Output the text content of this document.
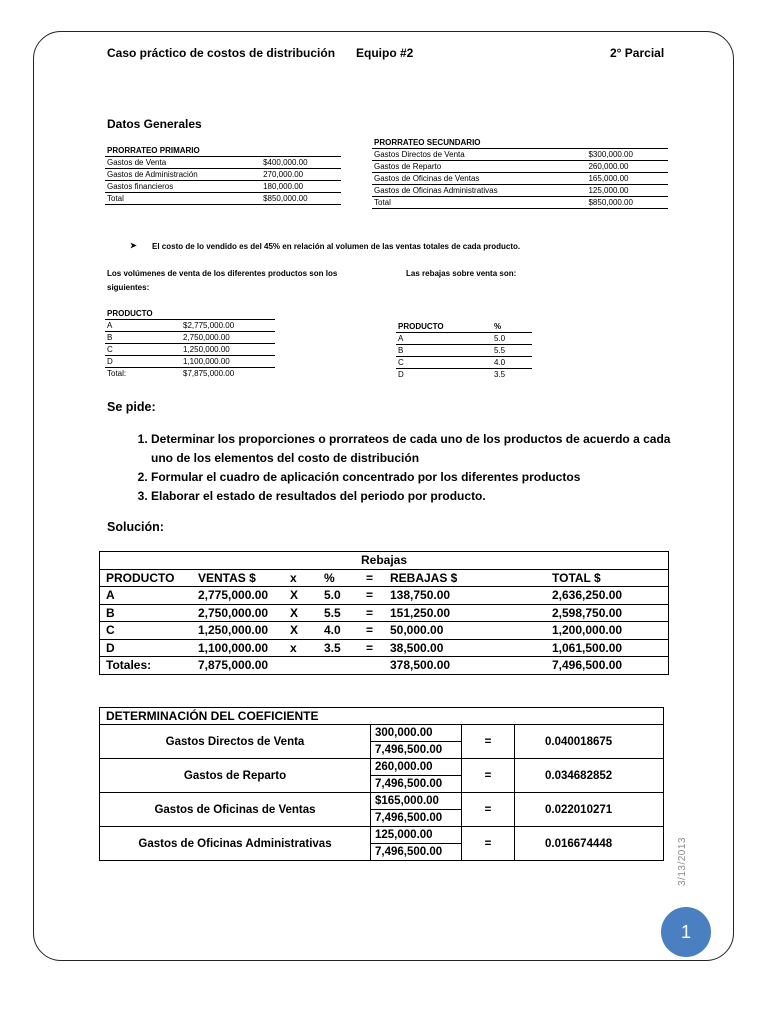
Caso práctico de costos de distribución Equipo #2	2° Parcial
Datos Generales
PRORRATEO PRIMARIO	
Gastos de Venta	$400,000.00
Gastos de Administración	270,000.00
Gastos financieros	180,000.00
Total	$850,000.00
PRORRATEO SECUNDARIO	
Gastos Directos de Venta	$300,000.00
Gastos de Reparto	260,000.00
Gastos de Oficinas de Ventas	165,000.00
Gastos de Oficinas Administrativas	125,000.00
Total	$850,000.00
➤ El costo de lo vendido es del 45% en relación al volumen de las ventas totales de cada producto.
Los volúmenes de venta de los diferentes productos son los
siguientes:
Las rebajas sobre venta son:
PRODUCTO	
A	$2,775,000.00
B	2,750,000.00
C	1,250,000.00
D	1,100,000.00
Total:	$7,875,000.00
PRODUCTO	%
A	5.0
B	5.5
C	4.0
D	3.5
Se pide:
1. Determinar los proporciones o prorrateos de cada uno de los productos de acuerdo a cada uno de los elementos del costo de distribución
2. Formular el cuadro de aplicación concentrado por los diferentes productos
3. Elaborar el estado de resultados del periodo por producto.
Solución:
Rebajas						
PRODUCTO	VENTAS $	x	%	=	REBAJAS $	TOTAL $
A	2,775,000.00	X	5.0	=	138,750.00	2,636,250.00
B	2,750,000.00	X	5.5	=	151,250.00	2,598,750.00
C	1,250,000.00	X	4.0	=	50,000.00	1,200,000.00
D	1,100,000.00	x	3.5	=	38,500.00	1,061,500.00
Totales:	7,875,000.00				378,500.00	7,496,500.00
DETERMINACIÓN DEL COEFICIENTE			
Gastos Directos de Venta	300,000.00	=	0.040018675
	7,496,500.00		
Gastos de Reparto	260,000.00	=	0.034682852
	7,496,500.00		
Gastos de Oficinas de Ventas	$165,000.00	=	0.022010271
	7,496,500.00		
Gastos de Oficinas Administrativas	125,000.00	=	0.016674448
	7,496,500.00			3/13/2013
1
